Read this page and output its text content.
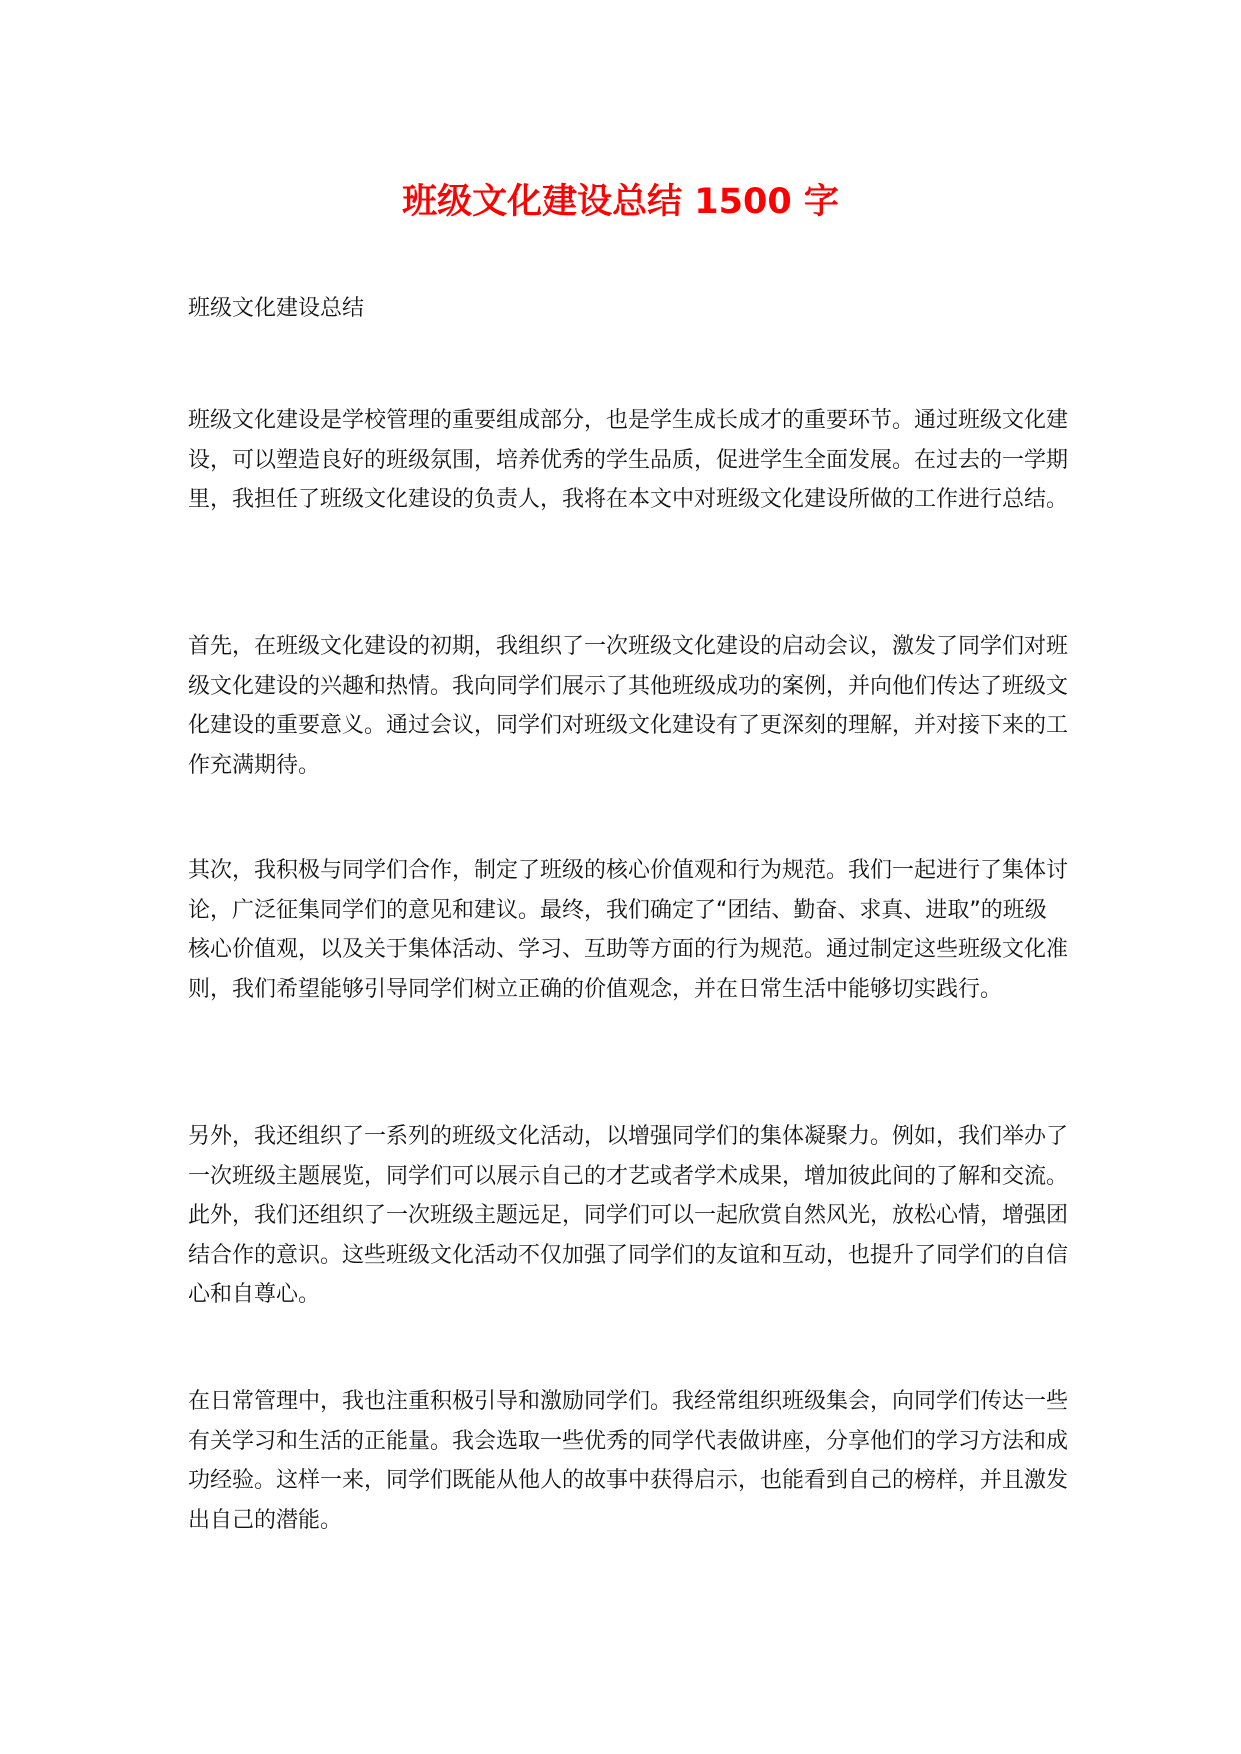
班级文化建设总结 1500 字

班级文化建设总结

班级文化建设是学校管理的重要组成部分，也是学生成长成才的重要环节。通过班级文化建设，可以塑造良好的班级氛围，培养优秀的学生品质，促进学生全面发展。在过去的一学期里，我担任了班级文化建设的负责人，我将在本文中对班级文化建设所做的工作进行总结。

首先，在班级文化建设的初期，我组织了一次班级文化建设的启动会议，激发了同学们对班级文化建设的兴趣和热情。我向同学们展示了其他班级成功的案例，并向他们传达了班级文化建设的重要意义。通过会议，同学们对班级文化建设有了更深刻的理解，并对接下来的工作充满期待。

其次，我积极与同学们合作，制定了班级的核心价值观和行为规范。我们一起进行了集体讨论，广泛征集同学们的意见和建议。最终，我们确定了“团结、勤奋、求真、进取”的班级核心价值观，以及关于集体活动、学习、互助等方面的行为规范。通过制定这些班级文化准则，我们希望能够引导同学们树立正确的价值观念，并在日常生活中能够切实践行。

另外，我还组织了一系列的班级文化活动，以增强同学们的集体凝聚力。例如，我们举办了一次班级主题展览，同学们可以展示自己的才艺或者学术成果，增加彼此间的了解和交流。此外，我们还组织了一次班级主题远足，同学们可以一起欣赏自然风光，放松心情，增强团结合作的意识。这些班级文化活动不仅加强了同学们的友谊和互动，也提升了同学们的自信心和自尊心。

在日常管理中，我也注重积极引导和激励同学们。我经常组织班级集会，向同学们传达一些有关学习和生活的正能量。我会选取一些优秀的同学代表做讲座，分享他们的学习方法和成功经验。这样一来，同学们既能从他人的故事中获得启示，也能看到自己的榜样，并且激发出自己的潜能。
